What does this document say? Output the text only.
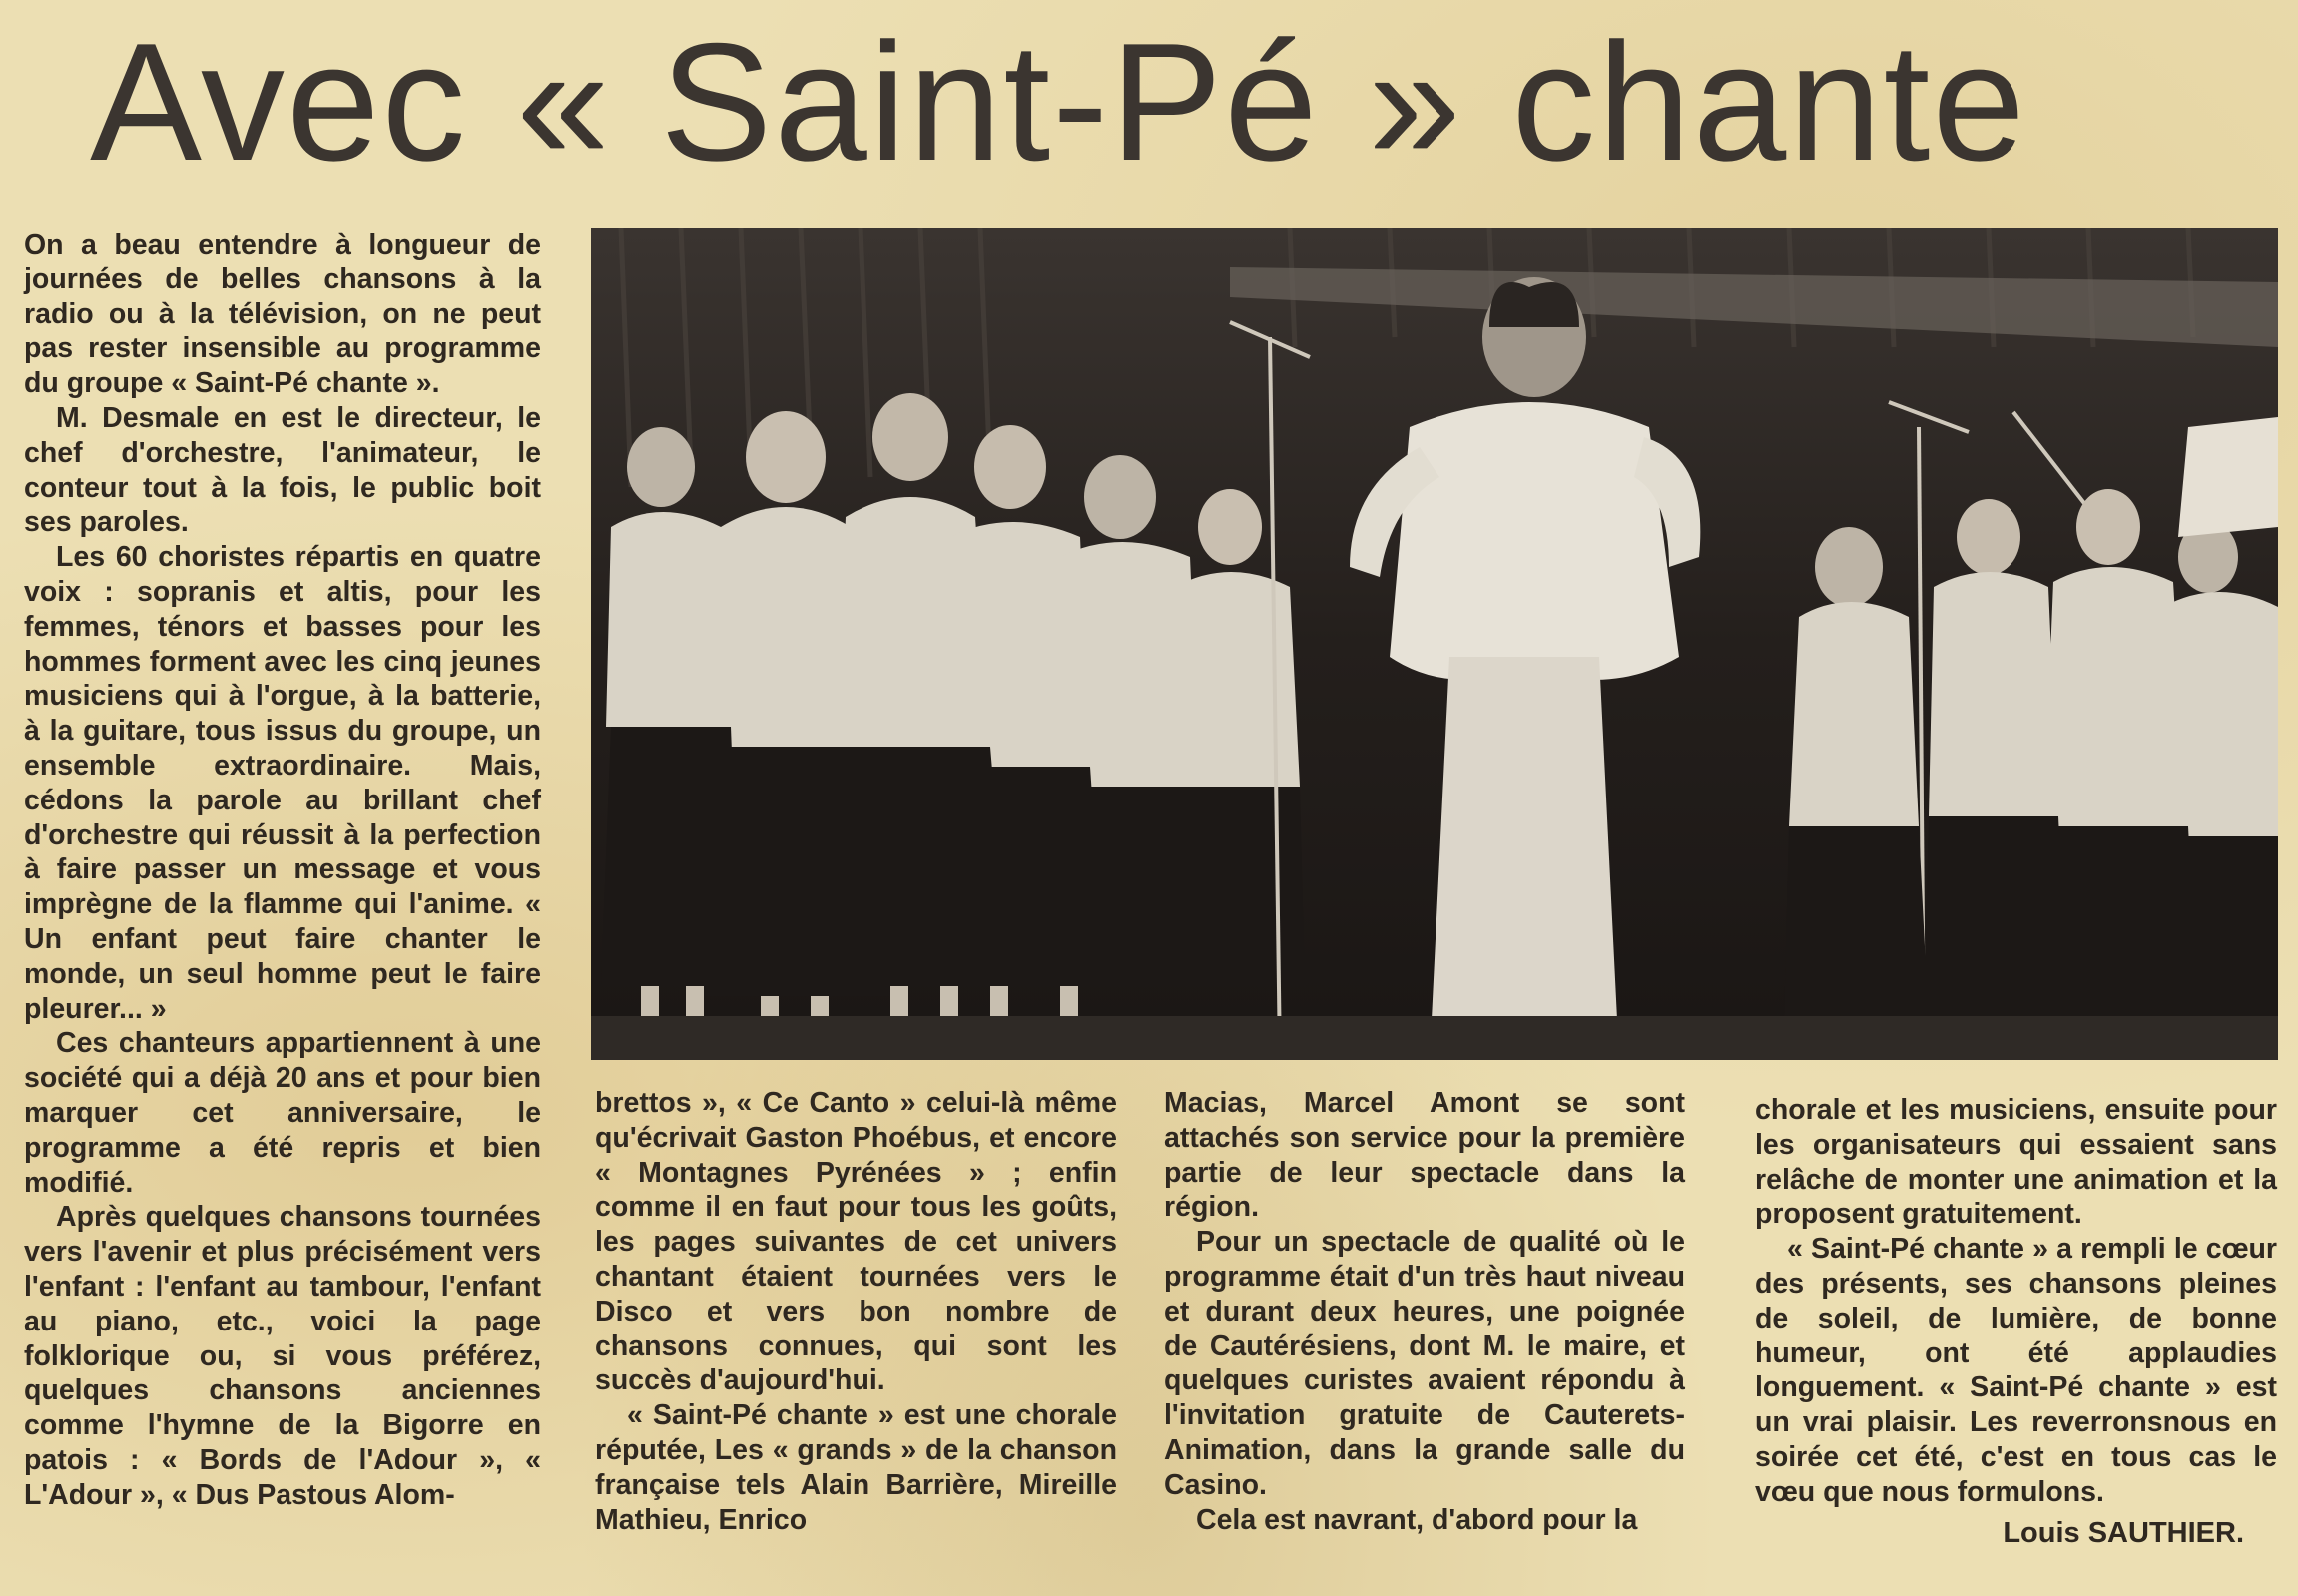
Avec « Saint-Pé » chante

On a beau entendre à longueur de journées de belles chansons à la radio ou à la télévision, on ne peut pas rester insensible au programme du groupe « Saint-Pé chante ».

M. Desmale en est le directeur, le chef d'orchestre, l'animateur, le conteur tout à la fois, le public boit ses paroles.

Les 60 choristes répartis en quatre voix : sopranis et altis, pour les femmes, ténors et basses pour les hommes forment avec les cinq jeunes musiciens qui à l'orgue, à la batterie, à la guitare, tous issus du groupe, un ensemble extraordinaire. Mais, cédons la parole au brillant chef d'orchestre qui réussit à la perfection à faire passer un message et vous imprègne de la flamme qui l'anime. « Un enfant peut faire chanter le monde, un seul homme peut le faire pleurer... »

Ces chanteurs appartiennent à une société qui a déjà 20 ans et pour bien marquer cet anniversaire, le programme a été repris et bien modifié.

Après quelques chansons tournées vers l'avenir et plus précisément vers l'enfant : l'enfant au tambour, l'enfant au piano, etc., voici la page folklorique ou, si vous préférez, quelques chansons anciennes comme l'hymne de la Bigorre en patois : « Bords de l'Adour », « L'Adour », « Dus Pastous Alom-

brettos », « Ce Canto » celui-là même qu'écrivait Gaston Phoébus, et encore « Montagnes Pyrénées » ; enfin comme il en faut pour tous les goûts, les pages suivantes de cet univers chantant étaient tournées vers le Disco et vers bon nombre de chansons connues, qui sont les succès d'aujourd'hui.

« Saint-Pé chante » est une chorale réputée, Les « grands » de la chanson française tels Alain Barrière, Mireille Mathieu, Enrico

Macias, Marcel Amont se sont attachés son service pour la première partie de leur spectacle dans la région.

Pour un spectacle de qualité où le programme était d'un très haut niveau et durant deux heures, une poignée de Cautérésiens, dont M. le maire, et quelques curistes avaient répondu à l'invitation gratuite de Cauterets-Animation, dans la grande salle du Casino.

Cela est navrant, d'abord pour la

chorale et les musiciens, ensuite pour les organisateurs qui essaient sans relâche de monter une animation et la proposent gratuitement.

« Saint-Pé chante » a rempli le cœur des présents, ses chansons pleines de soleil, de lumière, de bonne humeur, ont été applaudies longuement. « Saint-Pé chante » est un vrai plaisir. Les reverronsnous en soirée cet été, c'est en tous cas le vœu que nous formulons.

Louis SAUTHIER.
